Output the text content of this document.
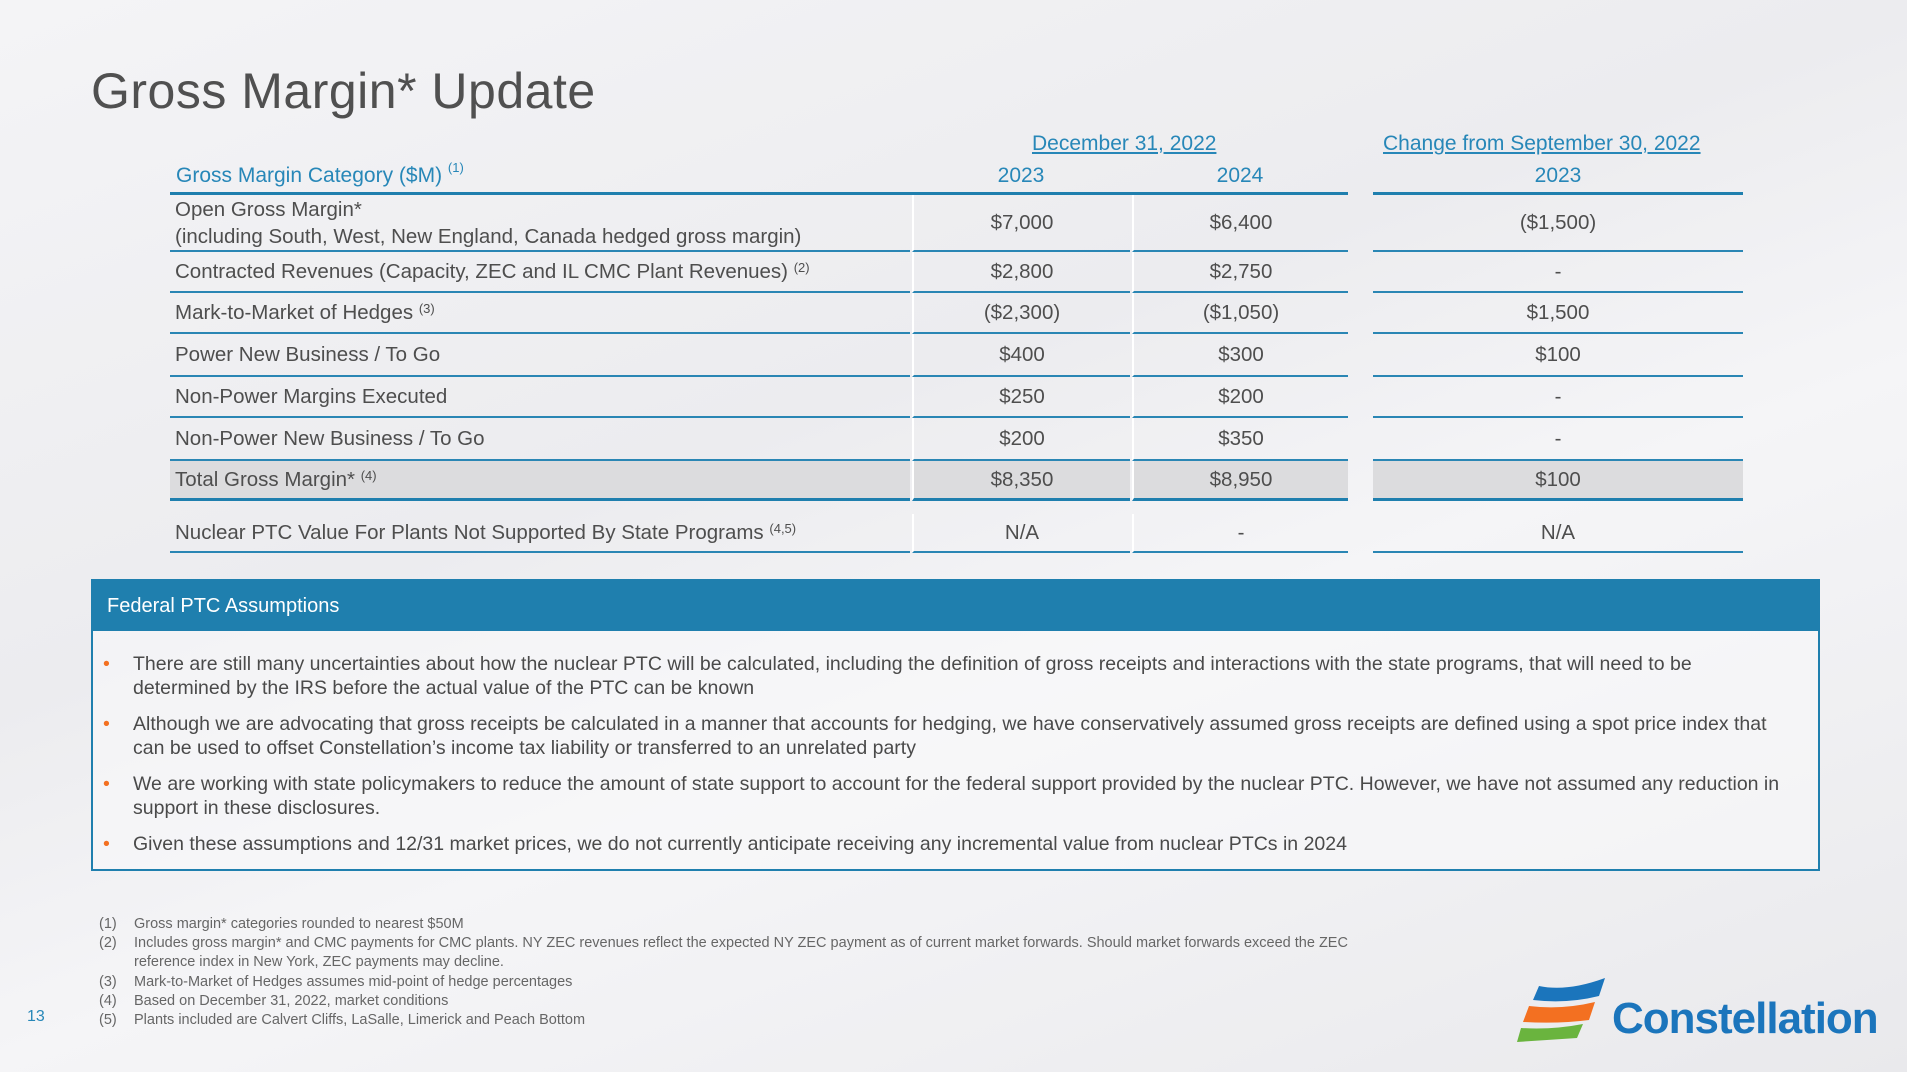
Gross Margin* Update
December 31, 2022	Change from September 30, 2022
Gross Margin Category ($M) $^{(1)}$	2023	2024	2023
Open Gross Margin*
(including South, West, New England, Canada hedged gross margin)
$7,000	$6,400	($1,500)
Contracted Revenues (Capacity, ZEC and IL CMC Plant Revenues) $^{(2)}$	$2,800	$2,750	-
Mark-to-Market of Hedges $^{(3)}$	($2,300)	($1,050)	$1,500
Power New Business / To Go	$400	$300	$100
Non-Power Margins Executed	$250	$200	-
Non-Power New Business / To Go	$200	$350	-
Total Gross Margin* $^{(4)}$	$8,350	$8,950	$100
Nuclear PTC Value For Plants Not Supported By State Programs $^{(4,5)}$	N/A	-	N/A
Federal PTC Assumptions
• There are still many uncertainties about how the nuclear PTC will be calculated, including the definition of gross receipts and interactions with the state programs, that will need to be determined by the IRS before the actual value of the PTC can be known
• Although we are advocating that gross receipts be calculated in a manner that accounts for hedging, we have conservatively assumed gross receipts are defined using a spot price index that can be used to offset Constellation’s income tax liability or transferred to an unrelated party
• We are working with state policymakers to reduce the amount of state support to account for the federal support provided by the nuclear PTC. However, we have not assumed any reduction in support in these disclosures.
• Given these assumptions and 12/31 market prices, we do not currently anticipate receiving any incremental value from nuclear PTCs in 2024
(1) Gross margin* categories rounded to nearest $50M
(2) Includes gross margin* and CMC payments for CMC plants. NY ZEC revenues reflect the expected NY ZEC payment as of current market forwards. Should market forwards exceed the ZEC
reference index in New York, ZEC payments may decline.
(3) Mark-to-Market of Hedges assumes mid-point of hedge percentages
(4) Based on December 31, 2022, market conditions
(5) Plants included are Calvert Cliffs, LaSalle, Limerick and Peach Bottom
13	Constellation
